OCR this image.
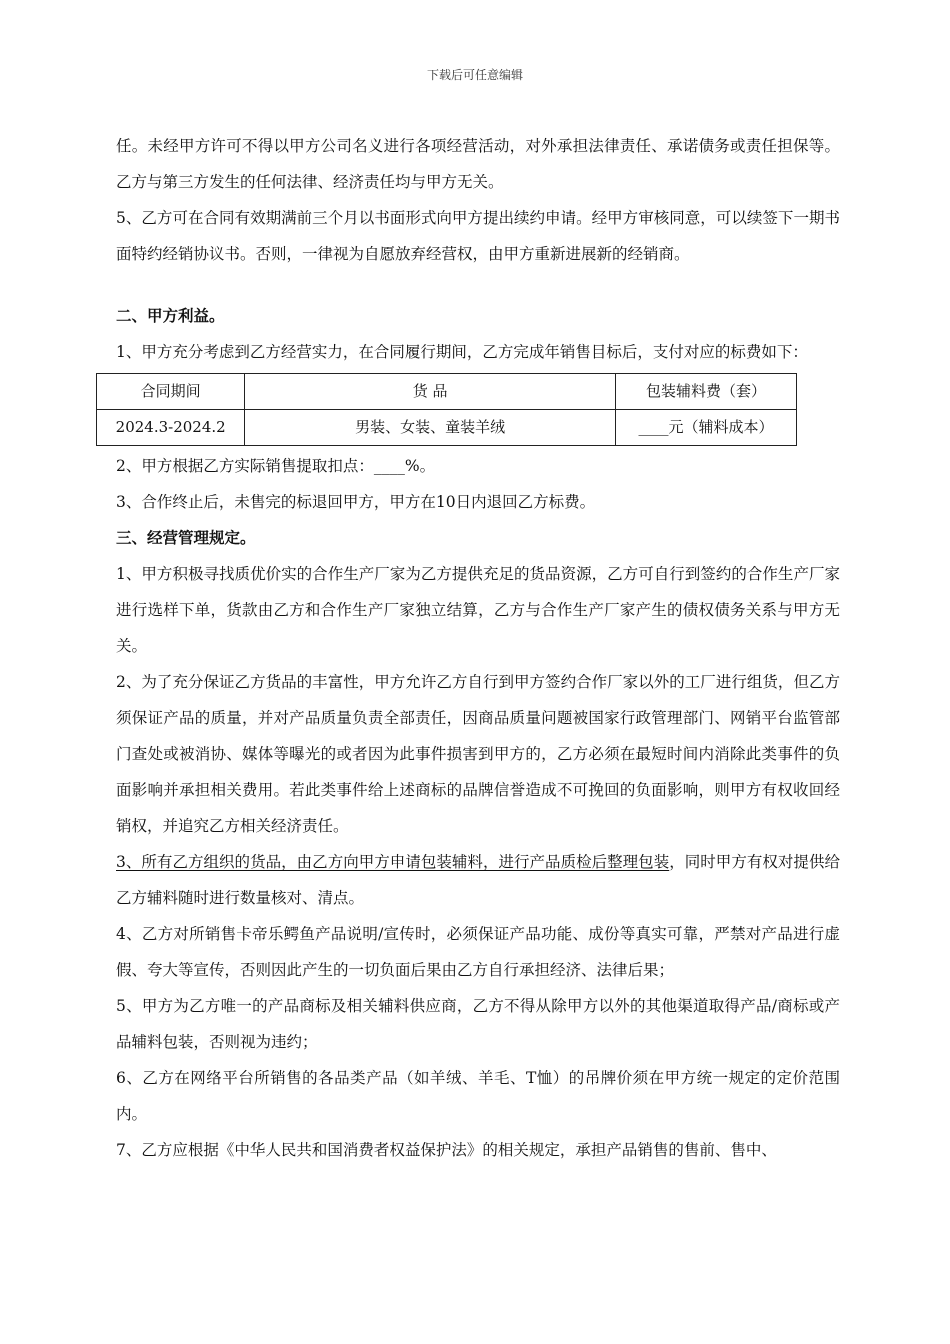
下载后可任意编辑

任。未经甲方许可不得以甲方公司名义进行各项经营活动，对外承担法律责任、承诺债务或责任担保等。乙方与第三方发生的任何法律、经济责任均与甲方无关。

5、乙方可在合同有效期满前三个月以书面形式向甲方提出续约申请。经甲方审核同意，可以续签下一期书面特约经销协议书。否则，一律视为自愿放弃经营权，由甲方重新进展新的经销商。

二、甲方利益。

1、甲方充分考虑到乙方经营实力，在合同履行期间，乙方完成年销售目标后，支付对应的标费如下：

合同期间	货 品	包装辅料费（套）
2024.3-2024.2	男装、女装、童装羊绒	____元（辅料成本）

2、甲方根据乙方实际销售提取扣点：____%。

3、合作终止后，未售完的标退回甲方，甲方在10日内退回乙方标费。

三、经营管理规定。

1、甲方积极寻找质优价实的合作生产厂家为乙方提供充足的货品资源，乙方可自行到签约的合作生产厂家进行选样下单，货款由乙方和合作生产厂家独立结算，乙方与合作生产厂家产生的债权债务关系与甲方无关。

2、为了充分保证乙方货品的丰富性，甲方允许乙方自行到甲方签约合作厂家以外的工厂进行组货，但乙方须保证产品的质量，并对产品质量负责全部责任，因商品质量问题被国家行政管理部门、网销平台监管部门查处或被消协、媒体等曝光的或者因为此事件损害到甲方的，乙方必须在最短时间内消除此类事件的负面影响并承担相关费用。若此类事件给上述商标的品牌信誉造成不可挽回的负面影响，则甲方有权收回经销权，并追究乙方相关经济责任。

3、所有乙方组织的货品，由乙方向甲方申请包装辅料，进行产品质检后整理包装，同时甲方有权对提供给乙方辅料随时进行数量核对、清点。

4、乙方对所销售卡帝乐鳄鱼产品说明/宣传时，必须保证产品功能、成份等真实可靠，严禁对产品进行虚假、夸大等宣传，否则因此产生的一切负面后果由乙方自行承担经济、法律后果；

5、甲方为乙方唯一的产品商标及相关辅料供应商，乙方不得从除甲方以外的其他渠道取得产品/商标或产品辅料包装，否则视为违约；

6、乙方在网络平台所销售的各品类产品（如羊绒、羊毛、T恤）的吊牌价须在甲方统一规定的定价范围内。

7、乙方应根据《中华人民共和国消费者权益保护法》的相关规定，承担产品销售的售前、售中、
